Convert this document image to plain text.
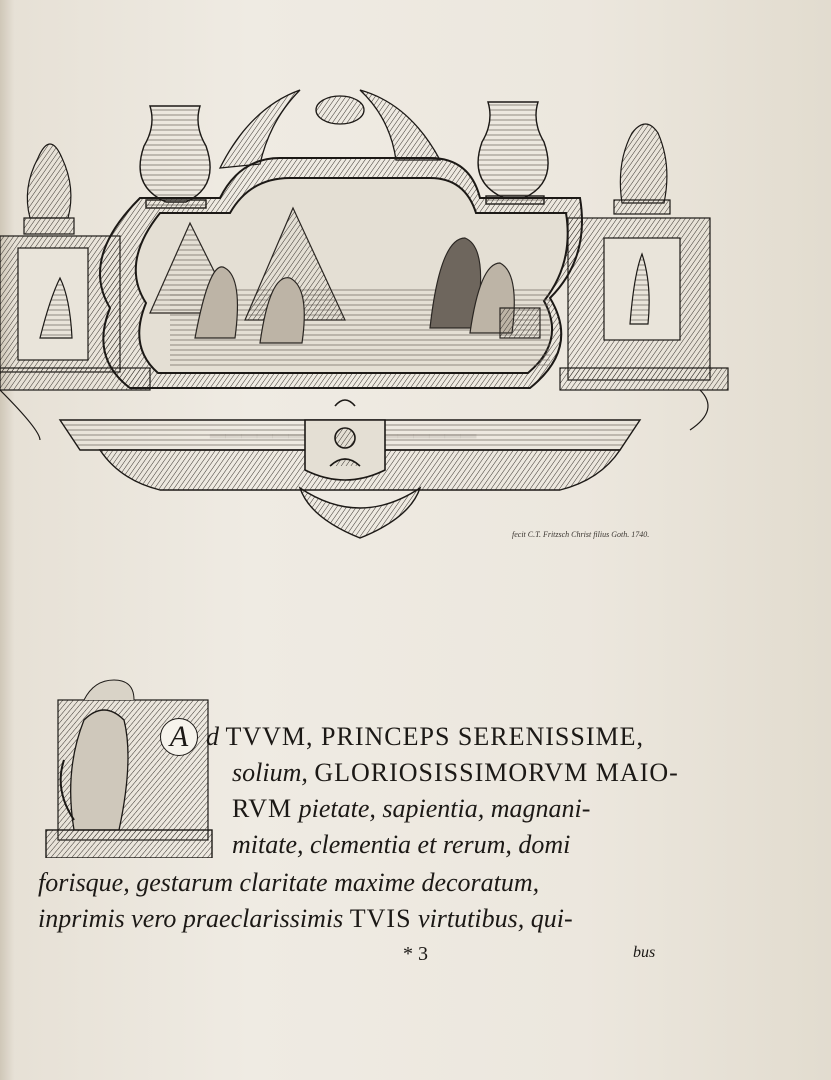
fecit C.T. Fritzsch Christ filius Goth. 1740.
A d TVVM, PRINCEPS SERENISSIME,
solium, GLORIOSISSIMORVM MAIO-
RVM pietate, sapientia, magnani-
mitate, clementia et rerum, domi
forisque, gestarum claritate maxime decoratum,
inprimis vero praeclarissimis TVIS virtutibus, qui-
* 3	bus
